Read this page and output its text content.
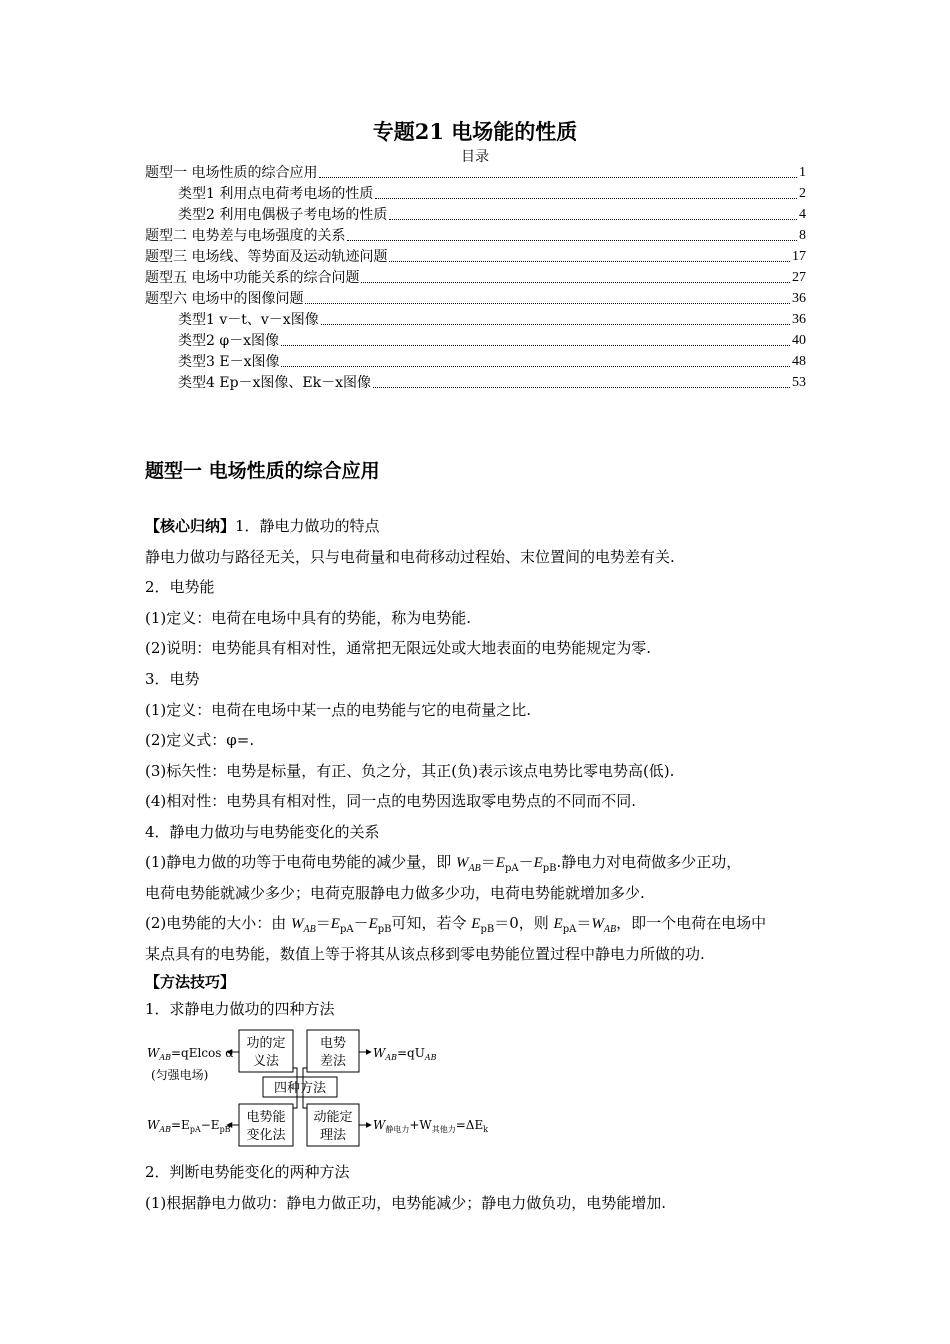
专题21 电场能的性质
目录
题型一 电场性质的综合应用	1
类型1 利用点电荷考电场的性质	2
类型2 利用电偶极子考电场的性质	4
题型二 电势差与电场强度的关系	8
题型三 电场线、等势面及运动轨迹问题	17
题型五 电场中功能关系的综合问题	27
题型六 电场中的图像问题	36
类型1 v－t、v－x图像	36
类型2 φ－x图像	40
类型3 E－x图像	48
类型4 Ep－x图像、Ek－x图像	53
题型一 电场性质的综合应用
【核心归纳】1．静电力做功的特点
静电力做功与路径无关，只与电荷量和电荷移动过程始、末位置间的电势差有关.
2．电势能
(1)定义：电荷在电场中具有的势能，称为电势能.
(2)说明：电势能具有相对性，通常把无限远处或大地表面的电势能规定为零.
3．电势
(1)定义：电荷在电场中某一点的电势能与它的电荷量之比.
(2)定义式：φ=.
(3)标矢性：电势是标量，有正、负之分，其正(负)表示该点电势比零电势高(低).
(4)相对性：电势具有相对性，同一点的电势因选取零电势点的不同而不同.
4．静电力做功与电势能变化的关系
(1)静电力做的功等于电荷电势能的减少量，即 $W_{AB}=E_{pA}-E_{pB}$.静电力对电荷做多少正功，
电荷电势能就减少多少；电荷克服静电力做多少功，电荷电势能就增加多少.
(2)电势能的大小：由 $W_{AB}=E_{pA}-E_{pB}$可知，若令 $E_{pB}=0$，则 $E_{pA}=W_{AB}$，即一个电荷在电场中
某点具有的电势能，数值上等于将其从该点移到零电势能位置过程中静电力所做的功.
【方法技巧】
1．求静电力做功的四种方法
功的定
义法
电势
差法
四种方法
电势能
变化法
动能定
理法
$W_{AB}=qElcos$ α
(匀强电场)
$W_{AB}=E_{pA}-E_{pB}$
$W_{AB}=qU_{AB}$
$W_{静电力}+W_{其他力}=\Delta E_k$
2．判断电势能变化的两种方法
(1)根据静电力做功：静电力做正功，电势能减少；静电力做负功，电势能增加.
